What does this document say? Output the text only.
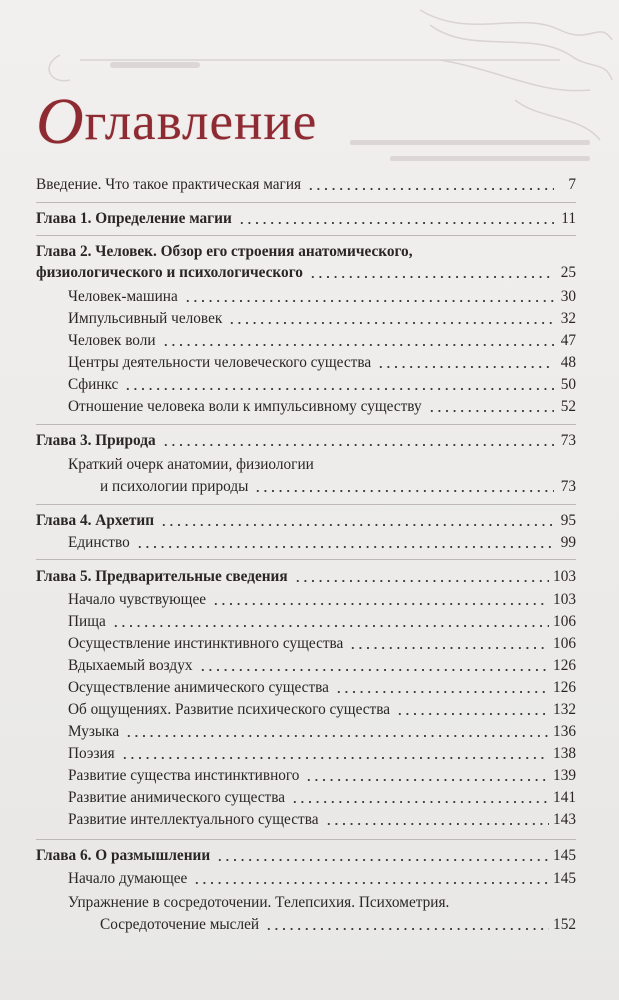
Оглавление
Введение. Что такое практическая магия	7
Глава 1. Определение магии	11
Глава 2. Человек. Обзор его строения анатомического,
физиологического и психологического	25
Человек-машина	30
Импульсивный человек	32
Человек воли	47
Центры деятельности человеческого существа	48
Сфинкс	50
Отношение человека воли к импульсивному существу	52
Глава 3. Природа	73
Краткий очерк анатомии, физиологии
и психологии природы	73
Глава 4. Архетип	95
Единство	99
Глава 5. Предварительные сведения	103
Начало чувствующее	103
Пища	106
Осуществление инстинктивного существа	106
Вдыхаемый воздух	126
Осуществление анимического существа	126
Об ощущениях. Развитие психического существа	132
Музыка	136
Поэзия	138
Развитие существа инстинктивного	139
Развитие анимического существа	141
Развитие интеллектуального существа	143
Глава 6. О размышлении	145
Начало думающее	145
Упражнение в сосредоточении. Телепсихия. Психометрия.
Сосредоточение мыслей	152
